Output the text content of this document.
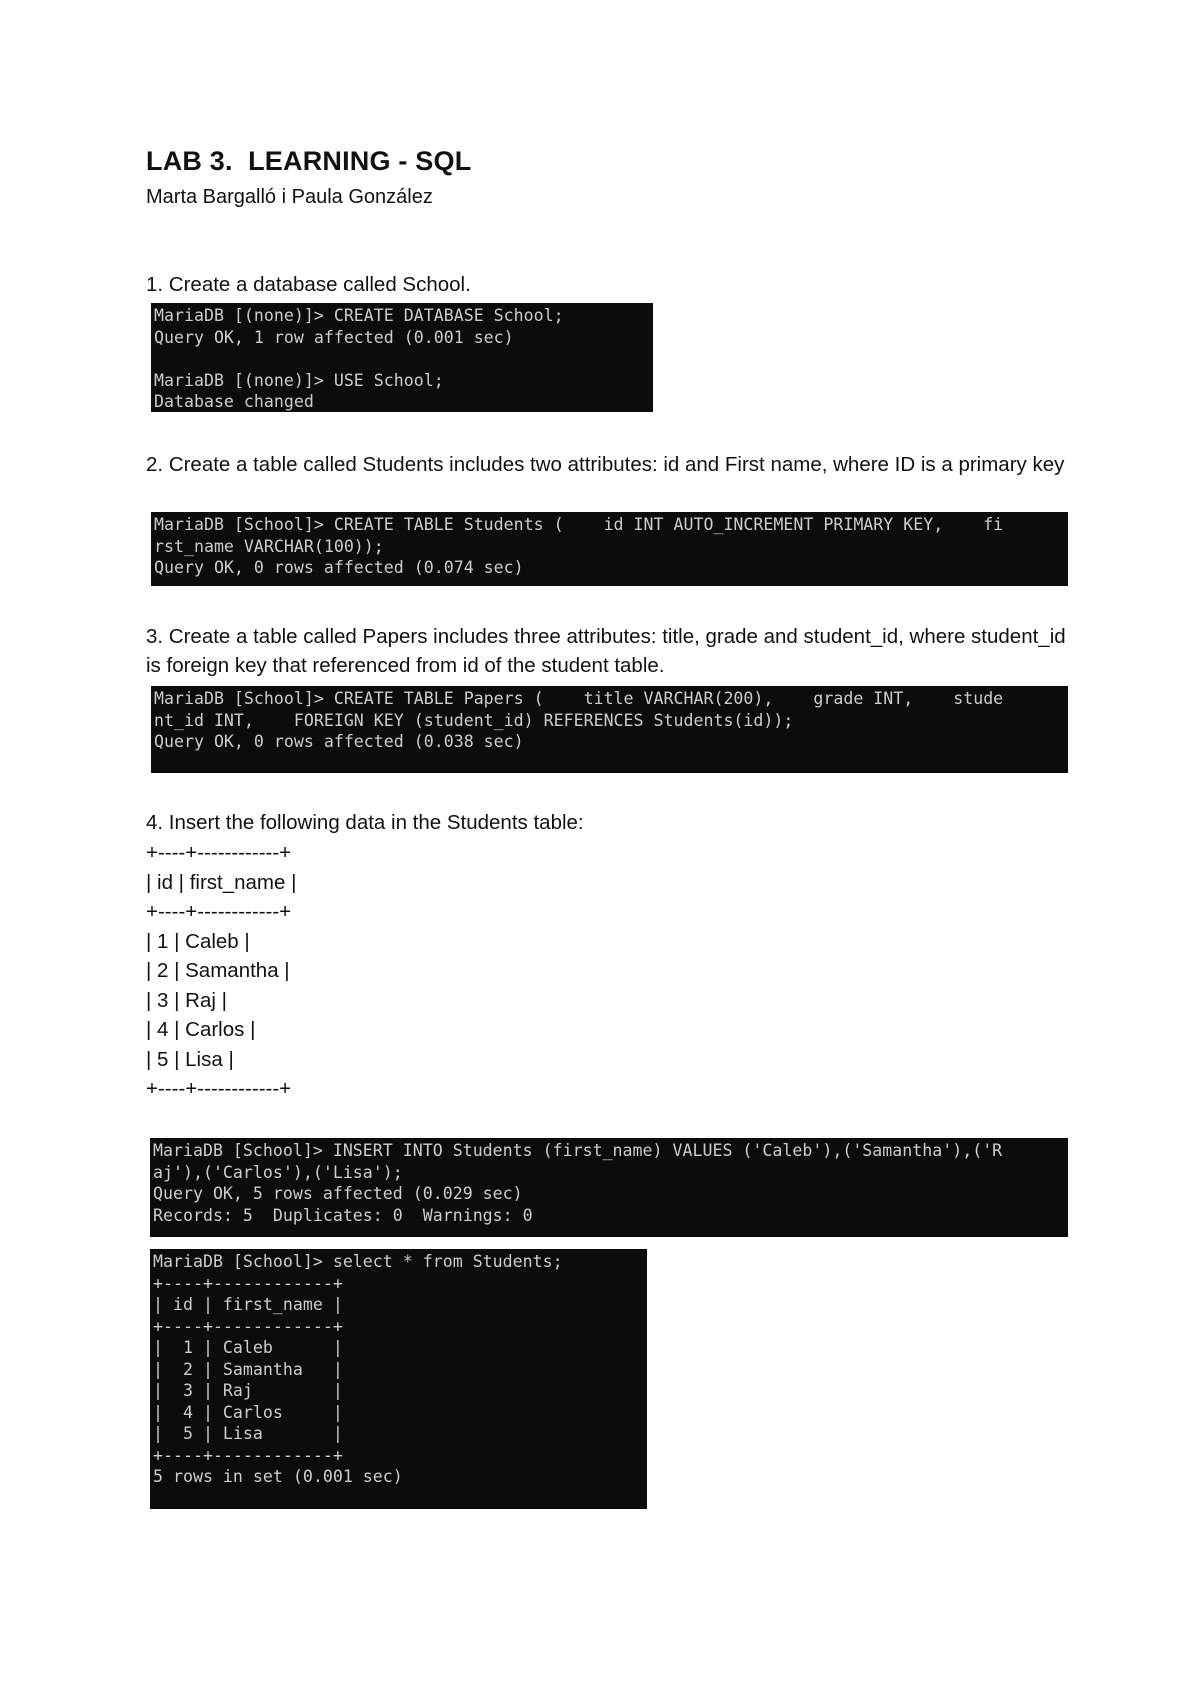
LAB 3.  LEARNING - SQL
Marta Bargalló i Paula González
1. Create a database called School.
MariaDB [(none)]> CREATE DATABASE School;
Query OK, 1 row affected (0.001 sec)
MariaDB [(none)]> USE School;
Database changed
2. Create a table called Students includes two attributes: id and First name, where ID is a primary key
MariaDB [School]> CREATE TABLE Students (    id INT AUTO_INCREMENT PRIMARY KEY,    fi
rst_name VARCHAR(100));
Query OK, 0 rows affected (0.074 sec)
3. Create a table called Papers includes three attributes: title, grade and student_id, where student_id is foreign key that referenced from id of the student table.
MariaDB [School]> CREATE TABLE Papers (    title VARCHAR(200),    grade INT,    stude
nt_id INT,    FOREIGN KEY (student_id) REFERENCES Students(id));
Query OK, 0 rows affected (0.038 sec)
4. Insert the following data in the Students table:
+----+------------+
| id | first_name |
+----+------------+
| 1 | Caleb |
| 2 | Samantha |
| 3 | Raj |
| 4 | Carlos |
| 5 | Lisa |
+----+------------+
MariaDB [School]> INSERT INTO Students (first_name) VALUES ('Caleb'),('Samantha'),('R
aj'),('Carlos'),('Lisa');
Query OK, 5 rows affected (0.029 sec)
Records: 5  Duplicates: 0  Warnings: 0
MariaDB [School]> select * from Students;
+----+------------+
| id | first_name |
+----+------------+
|  1 | Caleb      |
|  2 | Samantha   |
|  3 | Raj        |
|  4 | Carlos     |
|  5 | Lisa       |
+----+------------+
5 rows in set (0.001 sec)
